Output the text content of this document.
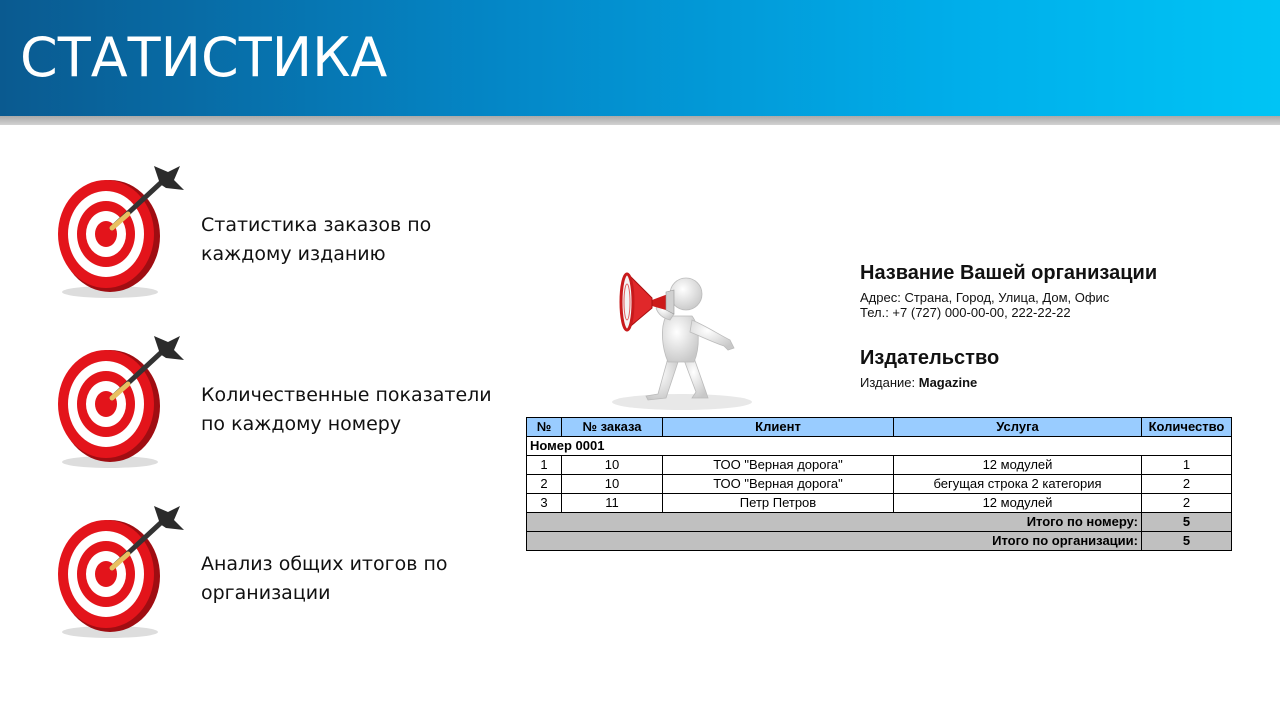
СТАТИСТИКА

Статистика заказов по
каждому изданию

Количественные показатели
по каждому номеру

Анализ общих итогов по
организации

Название Вашей организации

Адрес: Страна, Город, Улица, Дом, Офис

Тел.: +7 (727) 000-00-00, 222-22-22

Издательство

Издание: Magazine

№	№ заказа	Клиент	Услуга	Количество
Номер 0001				
1	10	ТОО "Верная дорога"	12 модулей	1
2	10	ТОО "Верная дорога"	бегущая строка 2 категория	2
3	11	Петр Петров	12 модулей	2
Итого по номеру:				5
Итого по организации:				5
